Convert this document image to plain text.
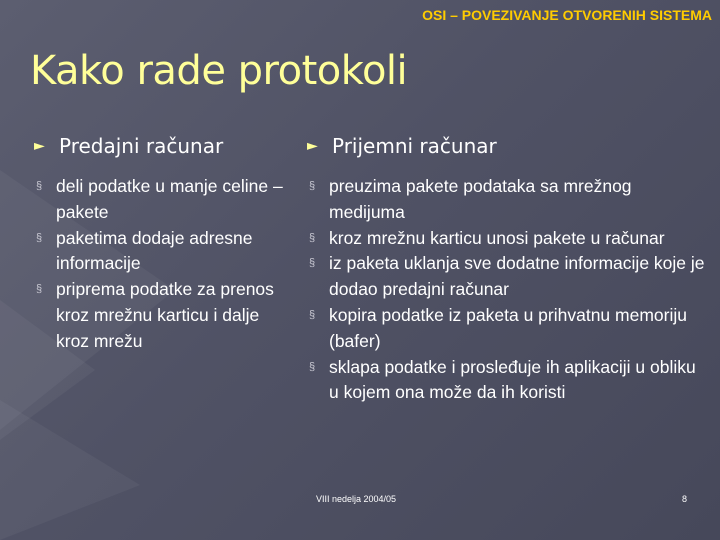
OSI – POVEZIVANJE OTVORENIH SISTEMA
Kako rade protokoli
► Predajni računar
§ deli podatke u manje celine – pakete
§ paketima dodaje adresne informacije
§ priprema podatke za prenos kroz mrežnu karticu i dalje kroz mrežu
► Prijemni računar
§ preuzima pakete podataka sa mrežnog medijuma
§ kroz mrežnu karticu unosi pakete u računar
§ iz paketa uklanja sve dodatne informacije koje je dodao predajni računar
§ kopira podatke iz paketa u prihvatnu memoriju (bafer)
§ sklapa podatke i prosleđuje ih aplikaciji u obliku u kojem ona može da ih koristi
VIII nedelja 2004/05	8
